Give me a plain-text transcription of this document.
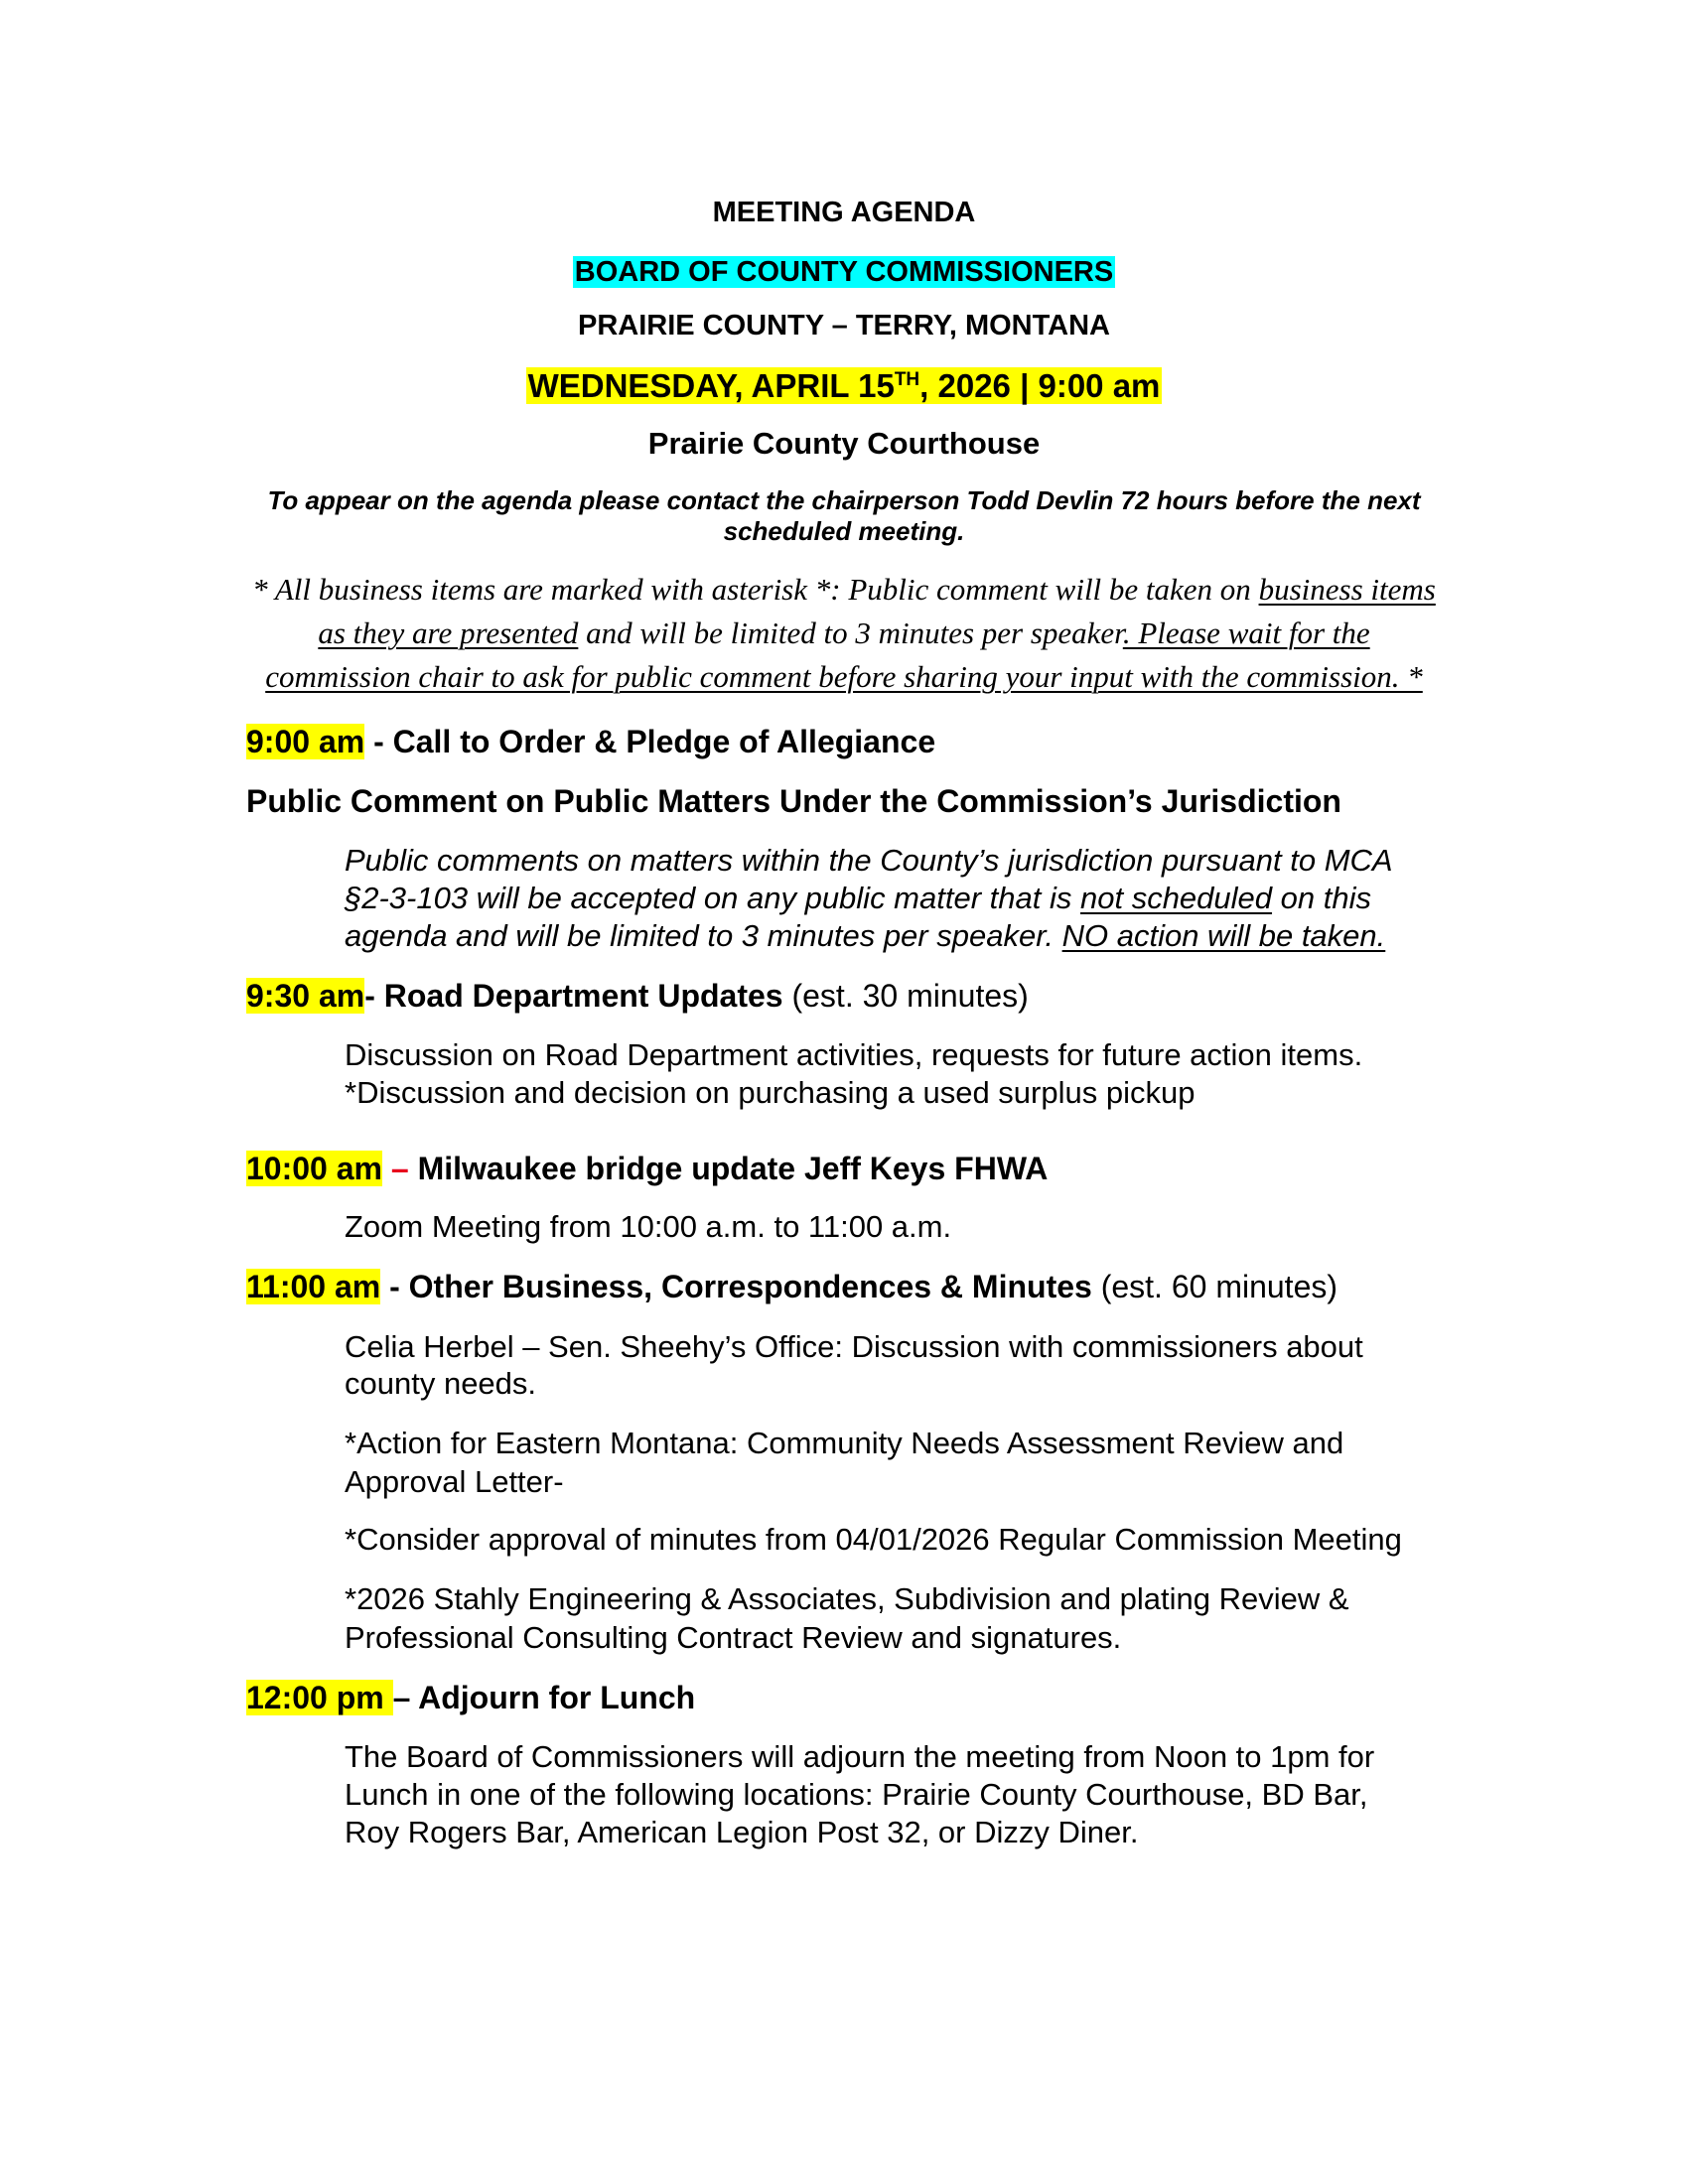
MEETING AGENDA
BOARD OF COUNTY COMMISSIONERS
PRAIRIE COUNTY – TERRY, MONTANA
WEDNESDAY, APRIL 15TH, 2026 | 9:00 am
Prairie County Courthouse
To appear on the agenda please contact the chairperson Todd Devlin 72 hours before the next
scheduled meeting.
* All business items are marked with asterisk *: Public comment will be taken on business items
as they are presented and will be limited to 3 minutes per speaker. Please wait for the
commission chair to ask for public comment before sharing your input with the commission. *
9:00 am - Call to Order & Pledge of Allegiance
Public Comment on Public Matters Under the Commission’s Jurisdiction
Public comments on matters within the County’s jurisdiction pursuant to MCA
§2-3-103 will be accepted on any public matter that is not scheduled on this
agenda and will be limited to 3 minutes per speaker. NO action will be taken.
9:30 am- Road Department Updates (est. 30 minutes)
Discussion on Road Department activities, requests for future action items.
*Discussion and decision on purchasing a used surplus pickup
10:00 am – Milwaukee bridge update Jeff Keys FHWA
Zoom Meeting from 10:00 a.m. to 11:00 a.m.
11:00 am - Other Business, Correspondences & Minutes (est. 60 minutes)
Celia Herbel – Sen. Sheehy’s Office: Discussion with commissioners about
county needs.
*Action for Eastern Montana: Community Needs Assessment Review and
Approval Letter-
*Consider approval of minutes from 04/01/2026 Regular Commission Meeting
*2026 Stahly Engineering & Associates, Subdivision and plating Review &
Professional Consulting Contract Review and signatures.
12:00 pm – Adjourn for Lunch
The Board of Commissioners will adjourn the meeting from Noon to 1pm for
Lunch in one of the following locations: Prairie County Courthouse, BD Bar,
Roy Rogers Bar, American Legion Post 32, or Dizzy Diner.
